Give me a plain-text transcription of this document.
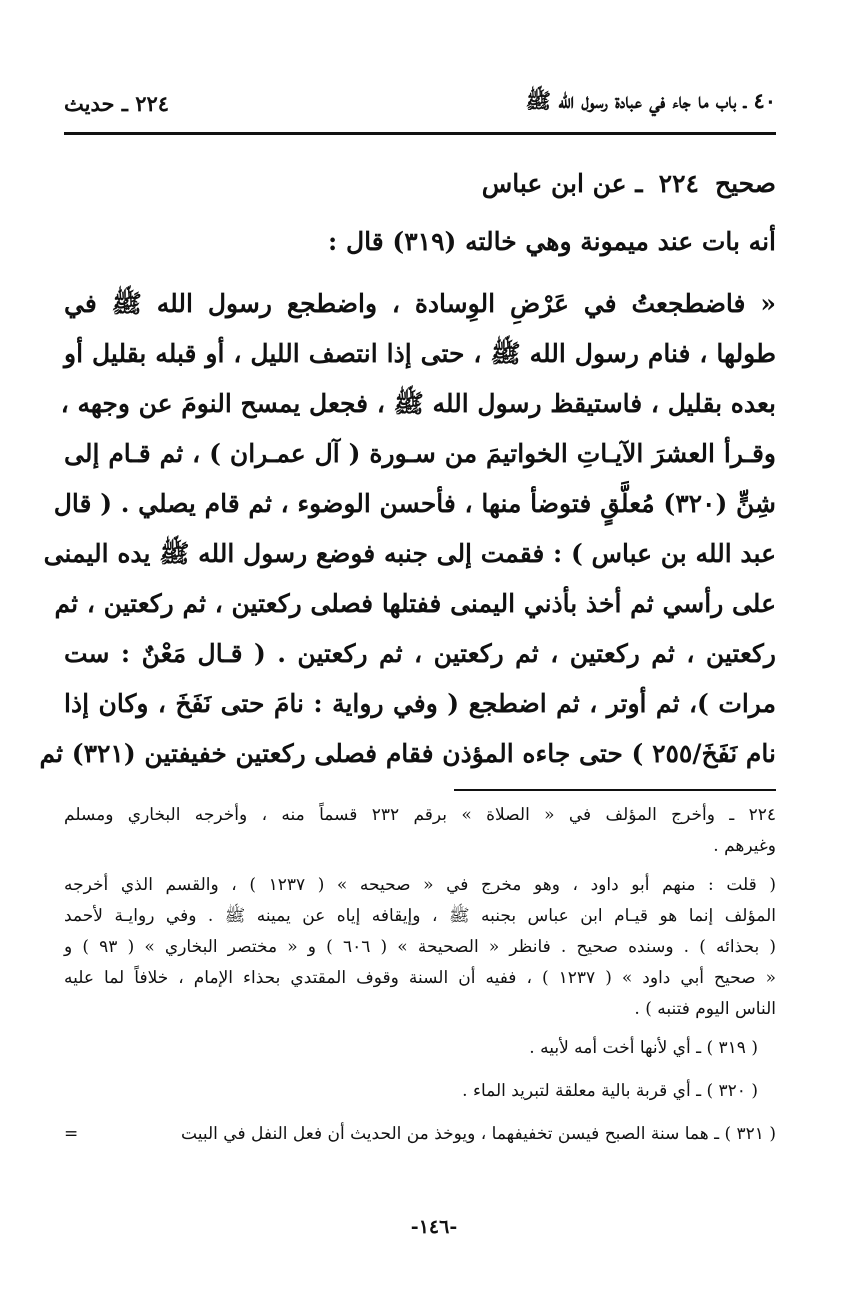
٤٠ ـ باب ما جاء في عبادة رسول الله ﷺ
٢٢٤ ـ حديث
صحيح٢٢٤ـ عن ابن عباس
أنه بات عند ميمونة وهي خالته (٣١٩) قال :
« فاضطجعتُ في عَرْضِ الوِسادة ، واضطجع رسول الله ﷺ في
طولها ، فنام رسول الله ﷺ ، حتى إذا انتصف الليل ، أو قبله بقليل أو
بعده بقليل ، فاستيقظ رسول الله ﷺ ، فجعل يمسح النومَ عن وجهه ،
وقـرأ العشرَ الآيـاتِ الخواتيمَ من سـورة ( آل عمـران ) ، ثم قـام إلى
شِنٍّ (٣٢٠) مُعلَّقٍ فتوضأ منها ، فأحسن الوضوء ، ثم قام يصلي . ( قال
عبد الله بن عباس ) : فقمت إلى جنبه فوضع رسول الله ﷺ يده اليمنى
على رأسي ثم أخذ بأذني اليمنى ففتلها فصلى ركعتين ، ثم ركعتين ، ثم
ركعتين ، ثم ركعتين ، ثم ركعتين ، ثم ركعتين . ( قـال مَعْنٌ : ست
مرات )، ثم أوتر ، ثم اضطجع ( وفي رواية : نامَ حتى نَفَخَ ، وكان إذا
نام نَفَخَ/٢٥٥ ) حتى جاءه المؤذن فقام فصلى ركعتين خفيفتين (٣٢١) ثم
٢٢٤ ـ وأخرج المؤلف في « الصلاة » برقم ٢٣٢ قسماً منه ، وأخرجه البخاري ومسلم
وغيرهم .
( قلت : منهم أبو داود ، وهو مخرج في « صحيحه » ( ١٢٣٧ ) ، والقسم الذي أخرجه
المؤلف إنما هو قيـام ابن عباس بجنبه ﷺ ، وإيقافه إياه عن يمينه ﷺ . وفي روايـة لأحمد
( بحذائه ) . وسنده صحيح . فانظر « الصحيحة » ( ٦٠٦ ) و « مختصر البخاري » ( ٩٣ ) و
« صحيح أبي داود » ( ١٢٣٧ ) ، ففيه أن السنة وقوف المقتدي بحذاء الإمام ، خلافاً لما عليه
الناس اليوم فتنبه ) .
( ٣١٩ ) ـ أي لأنها أخت أمه لأبيه .
( ٣٢٠ ) ـ أي قربة بالية معلقة لتبريد الماء .
( ٣٢١ ) ـ هما سنة الصبح فيسن تخفيفهما ، ويوخذ من الحديث أن فعل النفل في البيت
=
-١٤٦-
